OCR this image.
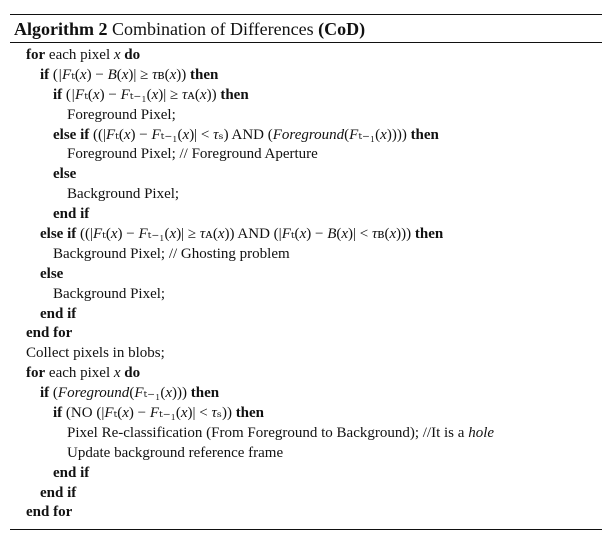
Algorithm 2 Combination of Differences (CoD)
for each pixel x do
if (|Fₜ(x) − B(x)| ≥ τʙ(x)) then
if (|Fₜ(x) − Fₜ₋₁(x)| ≥ τᴀ(x)) then
Foreground Pixel;
else if ((|Fₜ(x) − Fₜ₋₁(x)| < τₛ) AND (Foreground(Fₜ₋₁(x)))) then
Foreground Pixel; // Foreground Aperture
else
Background Pixel;
end if
else if ((|Fₜ(x) − Fₜ₋₁(x)| ≥ τᴀ(x)) AND (|Fₜ(x) − B(x)| < τʙ(x))) then
Background Pixel; // Ghosting problem
else
Background Pixel;
end if
end for
Collect pixels in blobs;
for each pixel x do
if (Foreground(Fₜ₋₁(x))) then
if (NO (|Fₜ(x) − Fₜ₋₁(x)| < τₛ)) then
Pixel Re-classification (From Foreground to Background); //It is a hole
Update background reference frame
end if
end if
end for
